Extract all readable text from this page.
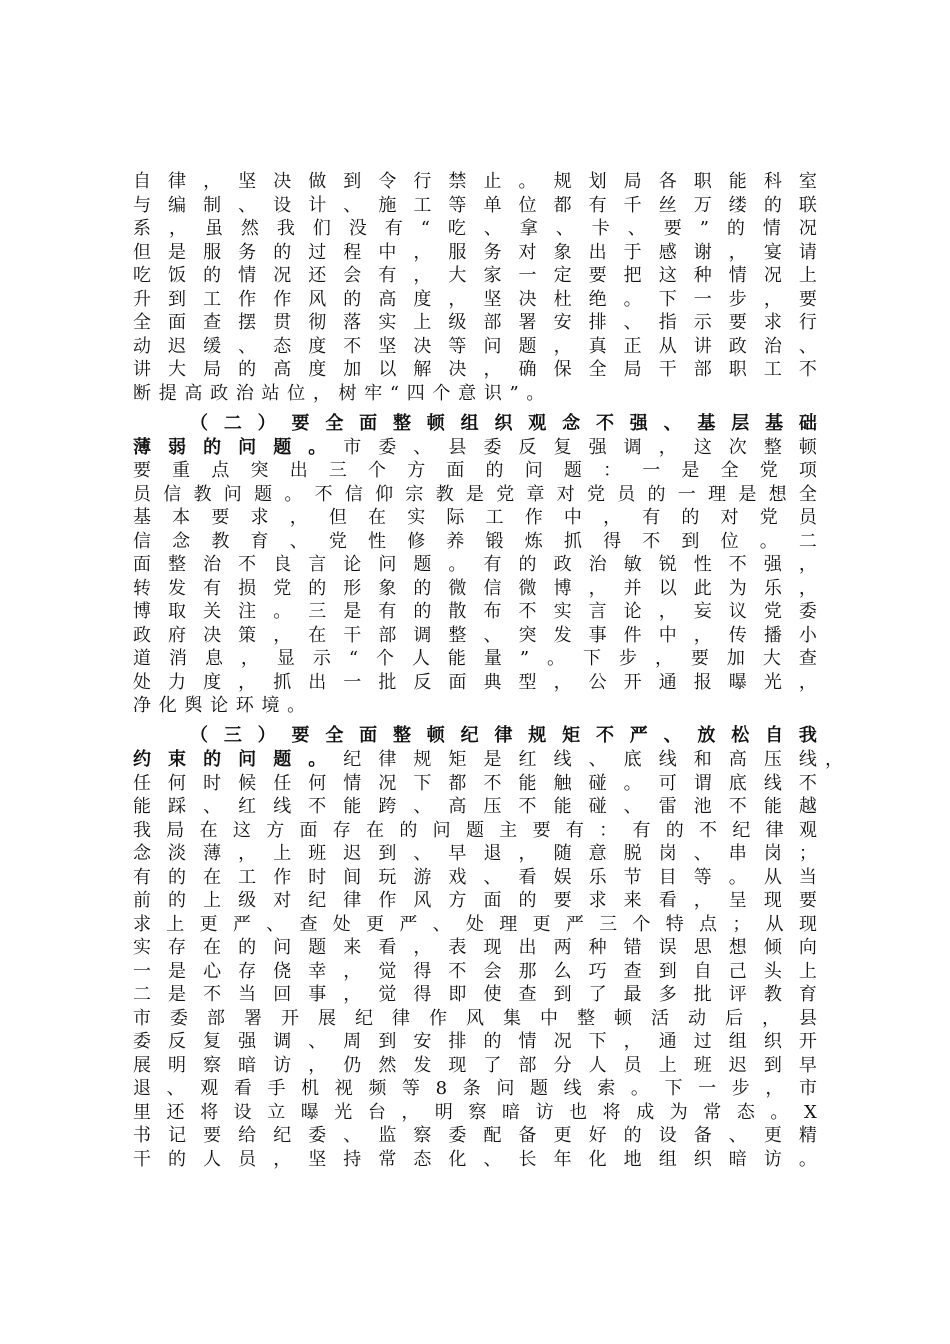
自 律 ， 坚 决 做 到 令 行 禁 止 。 规 划 局 各 职 能 科 室
与 编 制 、 设 计 、 施 工 等 单 位 都 有 千 丝 万 缕 的 联
系 ， 虽 然 我 们 没 有 “ 吃 、 拿 、 卡 、 要 ” 的 情 况
但 是 服 务 的 过 程 中 ， 服 务 对 象 出 于 感 谢 ， 宴 请
吃 饭 的 情 况 还 会 有 ， 大 家 一 定 要 把 这 种 情 况 上
升 到 工 作 作 风 的 高 度 ， 坚 决 杜 绝 。 下 一 步 ， 要
全 面 查 摆 贯 彻 落 实 上 级 部 署 安 排 、 指 示 要 求 行
动 迟 缓 、 态 度 不 坚 决 等 问 题 ， 真 正 从 讲 政 治 、
讲 大 局 的 高 度 加 以 解 决 ， 确 保 全 局 干 部 职 工 不
断 提 高 政 治 站 位 ， 树 牢 “ 四 个 意 识 ” 。
（ 二 ） 要 全 面 整 顿 组 织 观 念 不 强 、 基 层 基 础
薄 弱 的 问 题 。 市 委 、 县 委 反 复 强 调 ， 这 次 整 顿
要 重 点 突 出 三 个 方 面 的 问 题 ： 一 是 全 党 项
员 信 教 问 题 。 不 信 仰 宗 教 是 党 章 对 党 员 的 一 理 是 想 全
基 本 要 求 ， 但 在 实 际 工 作 中 ， 有 的 对 党 员
信 念 教 育 、 党 性 修 养 锻 炼 抓 得 不 到 位 。 二
面 整 治 不 良 言 论 问 题 。 有 的 政 治 敏 锐 性 不 强 ，
转 发 有 损 党 的 形 象 的 微 信 微 博 ， 并 以 此 为 乐 ，
博 取 关 注 。 三 是 有 的 散 布 不 实 言 论 ， 妄 议 党 委
政 府 决 策 ， 在 干 部 调 整 、 突 发 事 件 中 ， 传 播 小
道 消 息 ， 显 示 “ 个 人 能 量 ” 。 下 步 ， 要 加 大 查
处 力 度 ， 抓 出 一 批 反 面 典 型 ， 公 开 通 报 曝 光 ，
净 化 舆 论 环 境 。
（ 三 ） 要 全 面 整 顿 纪 律 规 矩 不 严 、 放 松 自 我
约 束 的 问 题 。 纪 律 规 矩 是 红 线 、 底 线 和 高 压 线 ，
任 何 时 候 任 何 情 况 下 都 不 能 触 碰 。 可 谓 底 线 不
能 踩 、 红 线 不 能 跨 、 高 压 不 能 碰 、 雷 池 不 能 越
我 局 在 这 方 面 存 在 的 问 题 主 要 有 ： 有 的 不 纪 律 观
念 淡 薄 ， 上 班 迟 到 、 早 退 ， 随 意 脱 岗 、 串 岗 ；
有 的 在 工 作 时 间 玩 游 戏 、 看 娱 乐 节 目 等 。 从 当
前 的 上 级 对 纪 律 作 风 方 面 的 要 求 来 看 ， 呈 现 要
求 上 更 严 、 查 处 更 严 、 处 理 更 严 三 个 特 点 ； 从 现
实 存 在 的 问 题 来 看 ， 表 现 出 两 种 错 误 思 想 倾 向
一 是 心 存 侥 幸 ， 觉 得 不 会 那 么 巧 查 到 自 己 头 上
二 是 不 当 回 事 ， 觉 得 即 使 查 到 了 最 多 批 评 教 育
市 委 部 署 开 展 纪 律 作 风 集 中 整 顿 活 动 后 ， 县
委 反 复 强 调 、 周 到 安 排 的 情 况 下 ， 通 过 组 织 开
展 明 察 暗 访 ， 仍 然 发 现 了 部 分 人 员 上 班 迟 到 早
退 、 观 看 手 机 视 频 等 8 条 问 题 线 索 。 下 一 步 ， 市
里 还 将 设 立 曝 光 台 ， 明 察 暗 访 也 将 成 为 常 态 。 X
书 记 要 给 纪 委 、 监 察 委 配 备 更 好 的 设 备 、 更 精
干 的 人 员 ， 坚 持 常 态 化 、 长 年 化 地 组 织 暗 访 。
